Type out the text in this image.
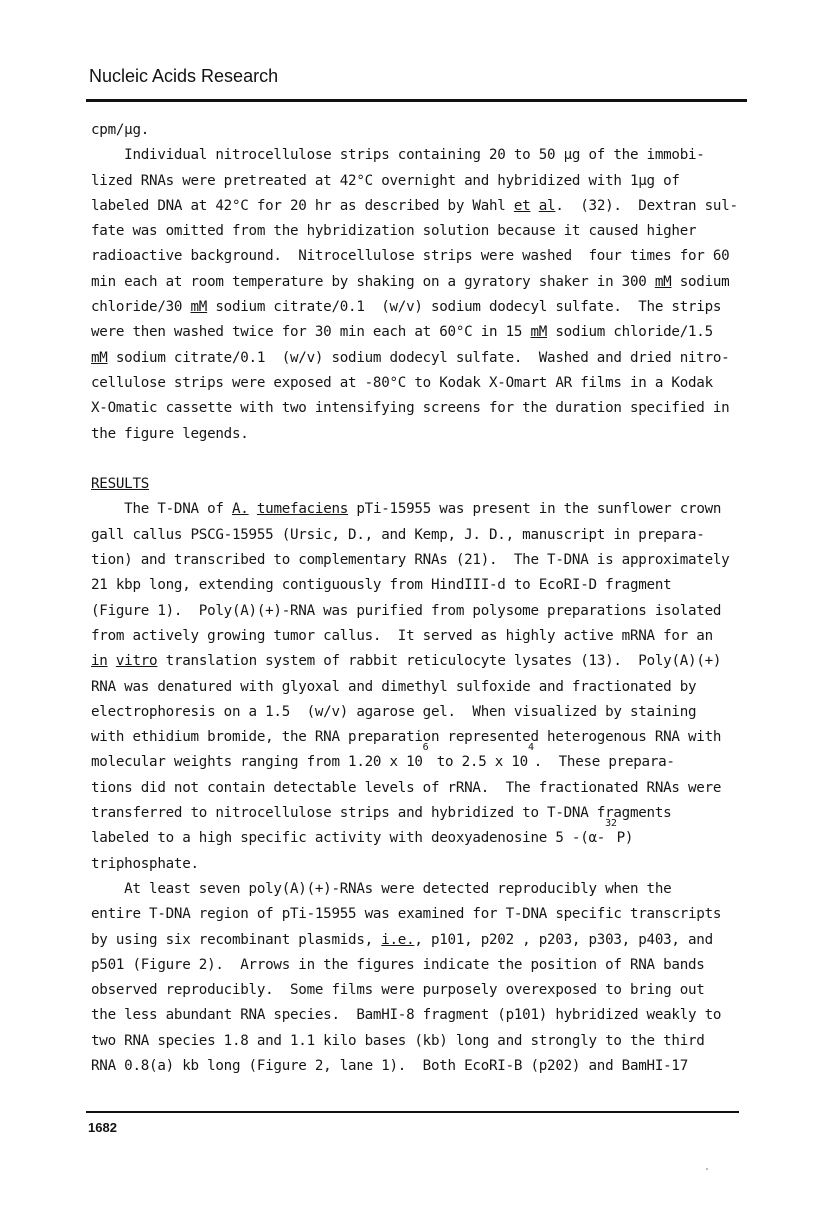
Nucleic Acids Research
cpm/µg.
Individual nitrocellulose strips containing 20 to 50 µg of the immobi-
lized RNAs were pretreated at 42°C overnight and hybridized with 1µg of
labeled DNA at 42°C for 20 hr as described by Wahl et al.  (32).  Dextran sul-
fate was omitted from the hybridization solution because it caused higher
radioactive background.  Nitrocellulose strips were washed  four times for 60
min each at room temperature by shaking on a gyratory shaker in 300 mM sodium
chloride/30 mM sodium citrate/0.1  (w/v) sodium dodecyl sulfate.  The strips
were then washed twice for 30 min each at 60°C in 15 mM sodium chloride/1.5
mM sodium citrate/0.1  (w/v) sodium dodecyl sulfate.  Washed and dried nitro-
cellulose strips were exposed at -80°C to Kodak X-Omart AR films in a Kodak
X-Omatic cassette with two intensifying screens for the duration specified in
the figure legends.
RESULTS
The T-DNA of A. tumefaciens pTi-15955 was present in the sunflower crown
gall callus PSCG-15955 (Ursic, D., and Kemp, J. D., manuscript in prepara-
tion) and transcribed to complementary RNAs (21).  The T-DNA is approximately
21 kbp long, extending contiguously from HindIII-d to EcoRI-D fragment
(Figure 1).  Poly(A)(+)-RNA was purified from polysome preparations isolated
from actively growing tumor callus.  It served as highly active mRNA for an
in vitro translation system of rabbit reticulocyte lysates (13).  Poly(A)(+)
RNA was denatured with glyoxal and dimethyl sulfoxide and fractionated by
electrophoresis on a 1.5  (w/v) agarose gel.  When visualized by staining
with ethidium bromide, the RNA preparation represented heterogenous RNA with
molecular weights ranging from 1.20 x $10^6$ to 2.5 x $10^4$.  These prepara-
tions did not contain detectable levels of rRNA.  The fractionated RNAs were
transferred to nitrocellulose strips and hybridized to T-DNA fragments
labeled to a high specific activity with deoxyadenosine 5 -(α-$^{32}$P)
triphosphate.
At least seven poly(A)(+)-RNAs were detected reproducibly when the
entire T-DNA region of pTi-15955 was examined for T-DNA specific transcripts
by using six recombinant plasmids, i.e., p101, p202 , p203, p303, p403, and
p501 (Figure 2).  Arrows in the figures indicate the position of RNA bands
observed reproducibly.  Some films were purposely overexposed to bring out
the less abundant RNA species.  BamHI-8 fragment (p101) hybridized weakly to
two RNA species 1.8 and 1.1 kilo bases (kb) long and strongly to the third
RNA 0.8(a) kb long (Figure 2, lane 1).  Both EcoRI-B (p202) and BamHI-17
1682
